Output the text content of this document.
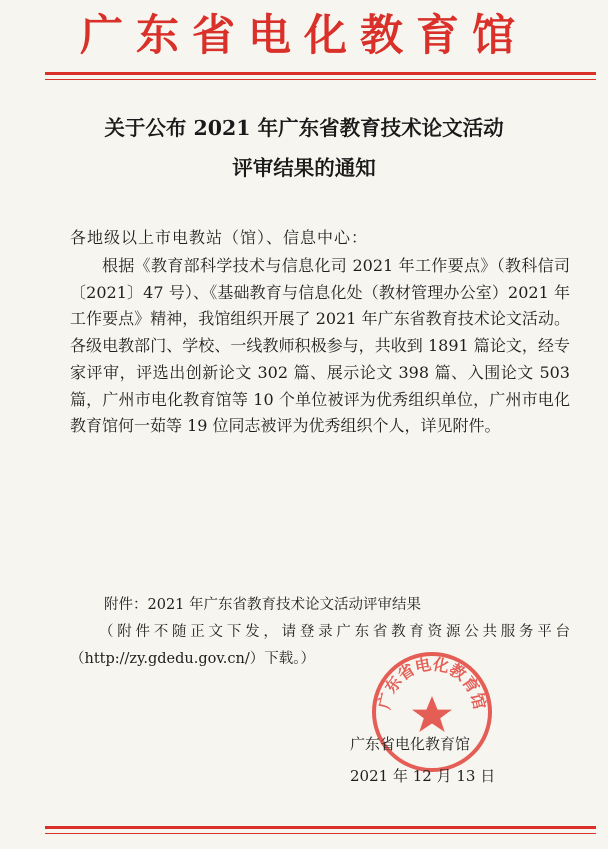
广东省电化教育馆
关于公布 2021 年广东省教育技术论文活动
评审结果的通知
各地级以上市电教站（馆）、信息中心：
根据《教育部科学技术与信息化司 2021 年工作要点》（教科信司〔2021〕47 号）、《基础教育与信息化处（教材管理办公室）2021 年工作要点》精神，我馆组织开展了 2021 年广东省教育技术论文活动。各级电教部门、学校、一线教师积极参与，共收到 1891 篇论文，经专家评审，评选出创新论文 302 篇、展示论文 398 篇、入围论文 503 篇，广州市电化教育馆等 10 个单位被评为优秀组织单位，广州市电化教育馆何一茹等 19 位同志被评为优秀组织个人，详见附件。
附件：2021 年广东省教育技术论文活动评审结果
（附件不随正文下发，请登录广东省教育资源公共服务平台（http://zy.gdedu.gov.cn/）下载。）
广东省电化教育馆
广东省电化教育馆
2021 年 12 月 13 日
